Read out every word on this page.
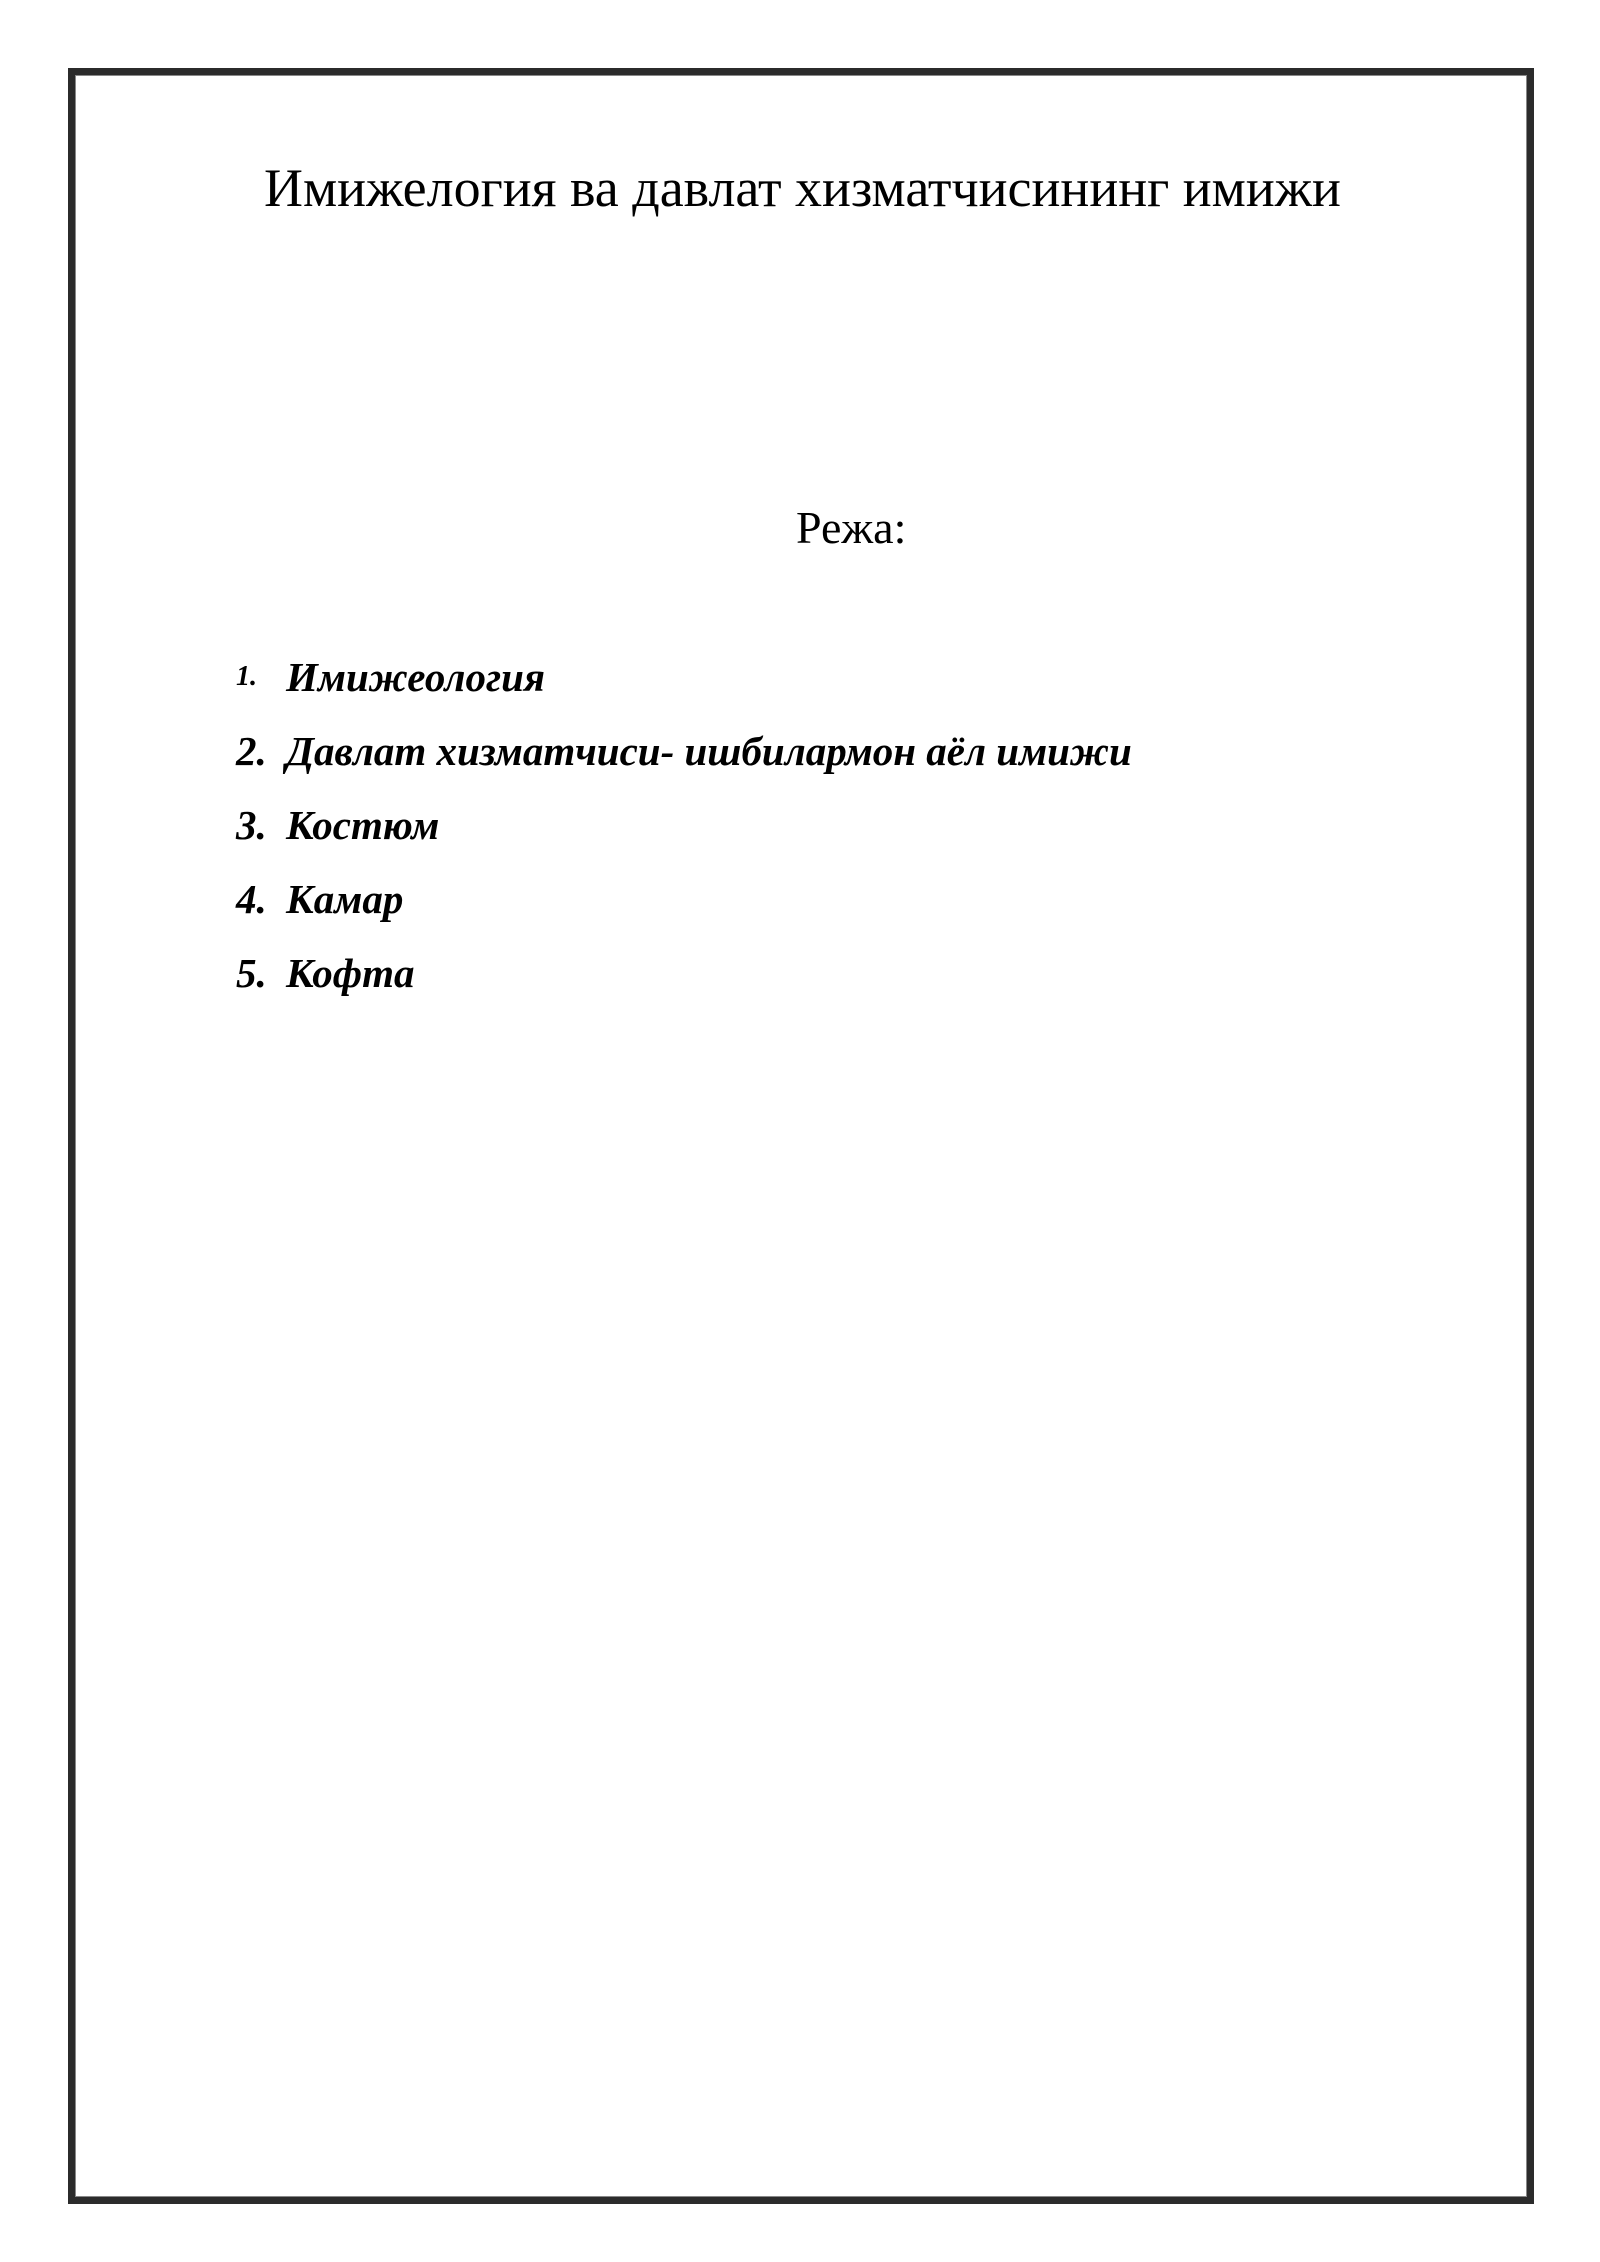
Имижелогия ва давлат хизматчисининг имижи
Режа:
1. Имижеология
2. Давлат хизматчиси- ишбилармон аёл имижи
3. Костюм
4. Камар
5. Кофта
